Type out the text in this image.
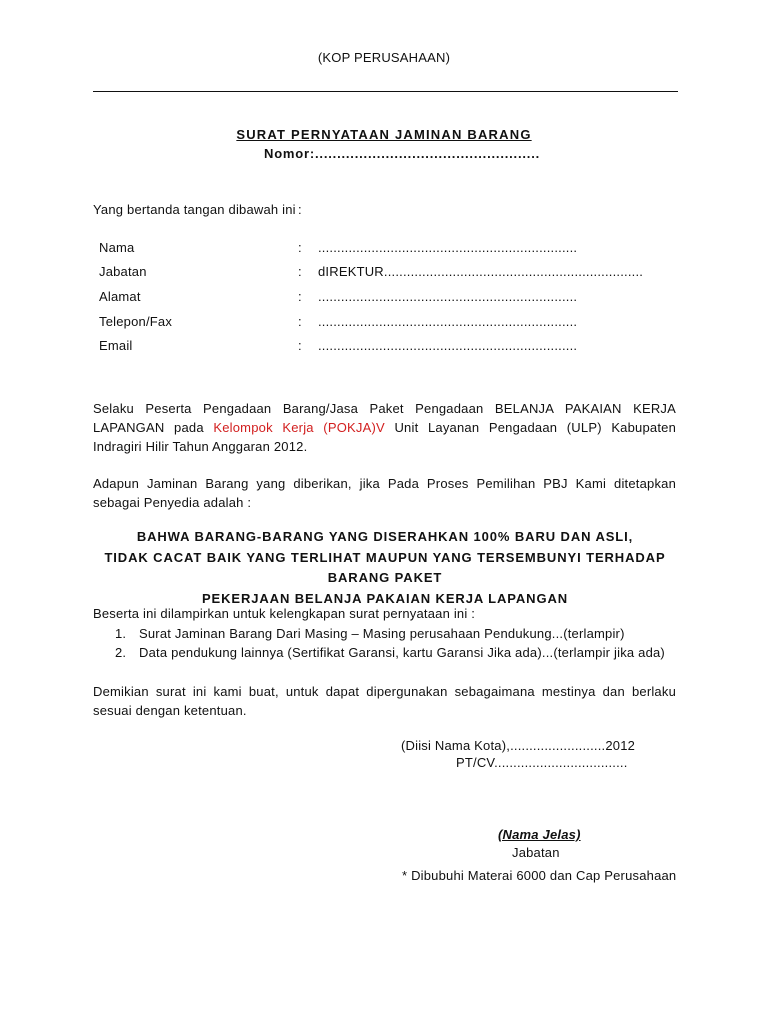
(KOP PERUSAHAAN)
SURAT PERNYATAAN JAMINAN BARANG
Nomor:...................................................
Yang bertanda tangan dibawah ini :
Nama	: ....................................................................
Jabatan	: dIREKTUR....................................................................
Alamat	: ....................................................................
Telepon/Fax	: ....................................................................
Email	: ....................................................................
Selaku Peserta Pengadaan Barang/Jasa Paket Pengadaan BELANJA PAKAIAN KERJA LAPANGAN pada Kelompok Kerja (POKJA)V Unit Layanan Pengadaan (ULP) Kabupaten Indragiri Hilir Tahun Anggaran 2012.
Adapun Jaminan Barang yang diberikan, jika Pada Proses Pemilihan PBJ Kami ditetapkan sebagai Penyedia adalah :
BAHWA BARANG-BARANG YANG DISERAHKAN 100% BARU DAN ASLI,
TIDAK CACAT BAIK YANG TERLIHAT MAUPUN YANG TERSEMBUNYI TERHADAP BARANG PAKET
PEKERJAAN BELANJA PAKAIAN KERJA LAPANGAN
Beserta ini dilampirkan untuk kelengkapan surat pernyataan ini :
1. Surat Jaminan Barang Dari Masing – Masing perusahaan Pendukung...(terlampir)
2. Data pendukung lainnya (Sertifikat Garansi, kartu Garansi Jika ada)...(terlampir jika ada)
Demikian surat ini kami buat, untuk dapat dipergunakan sebagaimana mestinya dan berlaku sesuai dengan ketentuan.
(Diisi Nama Kota),.........................2012
PT/CV...................................
(Nama Jelas)
Jabatan
* Dibubuhi Materai 6000 dan Cap Perusahaan
